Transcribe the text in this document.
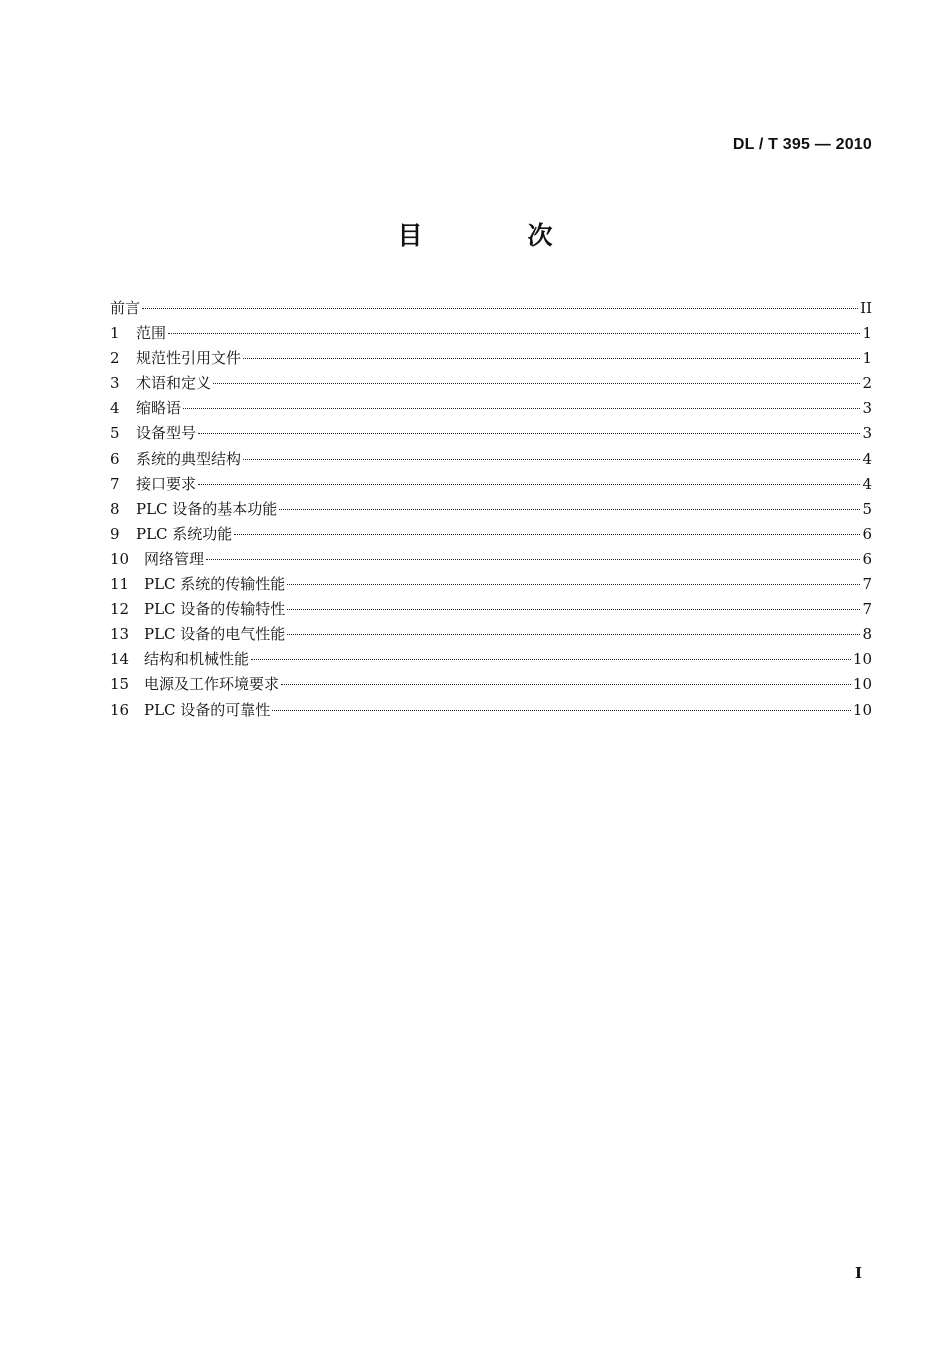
DL / T 395 — 2010
目　次
前言	II
1	范围	1
2	规范性引用文件	1
3	术语和定义	2
4	缩略语	3
5	设备型号	3
6	系统的典型结构	4
7	接口要求	4
8	PLC 设备的基本功能	5
9	PLC 系统功能	6
10 网络管理	6
11 PLC 系统的传输性能	7
12 PLC 设备的传输特性	7
13 PLC 设备的电气性能	8
14 结构和机械性能	10
15 电源及工作环境要求	10
16 PLC 设备的可靠性	10
I
